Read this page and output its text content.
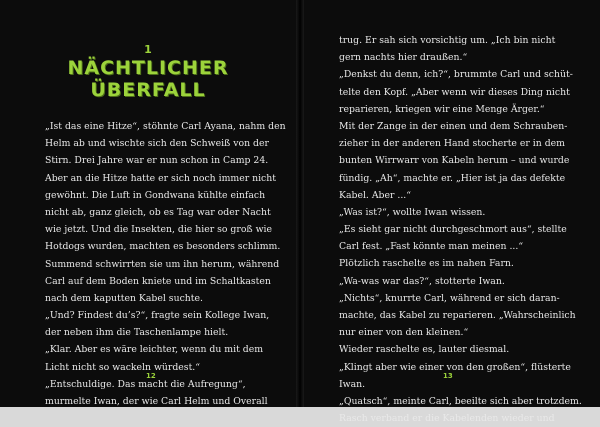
1
NÄCHTLICHER
ÜBERFALL
„Ist das eine Hitze“, stöhnte Carl Ayana, nahm den
Helm ab und wischte sich den Schweiß von der
Stirn. Drei Jahre war er nun schon in Camp 24.
Aber an die Hitze hatte er sich noch immer nicht
gewöhnt. Die Luft in Gondwana kühlte einfach
nicht ab, ganz gleich, ob es Tag war oder Nacht
wie jetzt. Und die Insekten, die hier so groß wie
Hotdogs wurden, machten es besonders schlimm.
Summend schwirrten sie um ihn herum, während
Carl auf dem Boden kniete und im Schaltkasten
nach dem kaputten Kabel suchte.
„Und? Findest du’s?“, fragte sein Kollege Iwan,
der neben ihm die Taschenlampe hielt.
„Klar. Aber es wäre leichter, wenn du mit dem
Licht nicht so wackeln würdest.“
„Entschuldige. Das macht die Aufregung“,
murmelte Iwan, der wie Carl Helm und Overall
12
trug. Er sah sich vorsichtig um. „Ich bin nicht
gern nachts hier draußen.“
„Denkst du denn, ich?“, brummte Carl und schüt-
telte den Kopf. „Aber wenn wir dieses Ding nicht
reparieren, kriegen wir eine Menge Ärger.“
Mit der Zange in der einen und dem Schrauben-
zieher in der anderen Hand stocherte er in dem
bunten Wirrwarr von Kabeln herum – und wurde
fündig. „Ah“, machte er. „Hier ist ja das defekte
Kabel. Aber ...“
„Was ist?“, wollte Iwan wissen.
„Es sieht gar nicht durchgeschmort aus“, stellte
Carl fest. „Fast könnte man meinen ...“
Plötzlich raschelte es im nahen Farn.
„Wa-was war das?“, stotterte Iwan.
„Nichts“, knurrte Carl, während er sich daran-
machte, das Kabel zu reparieren. „Wahrscheinlich
nur einer von den kleinen.“
Wieder raschelte es, lauter diesmal.
„Klingt aber wie einer von den großen“, flüsterte
Iwan.
„Quatsch“, meinte Carl, beeilte sich aber trotzdem.
Rasch verband er die Kabelenden wieder und
13
